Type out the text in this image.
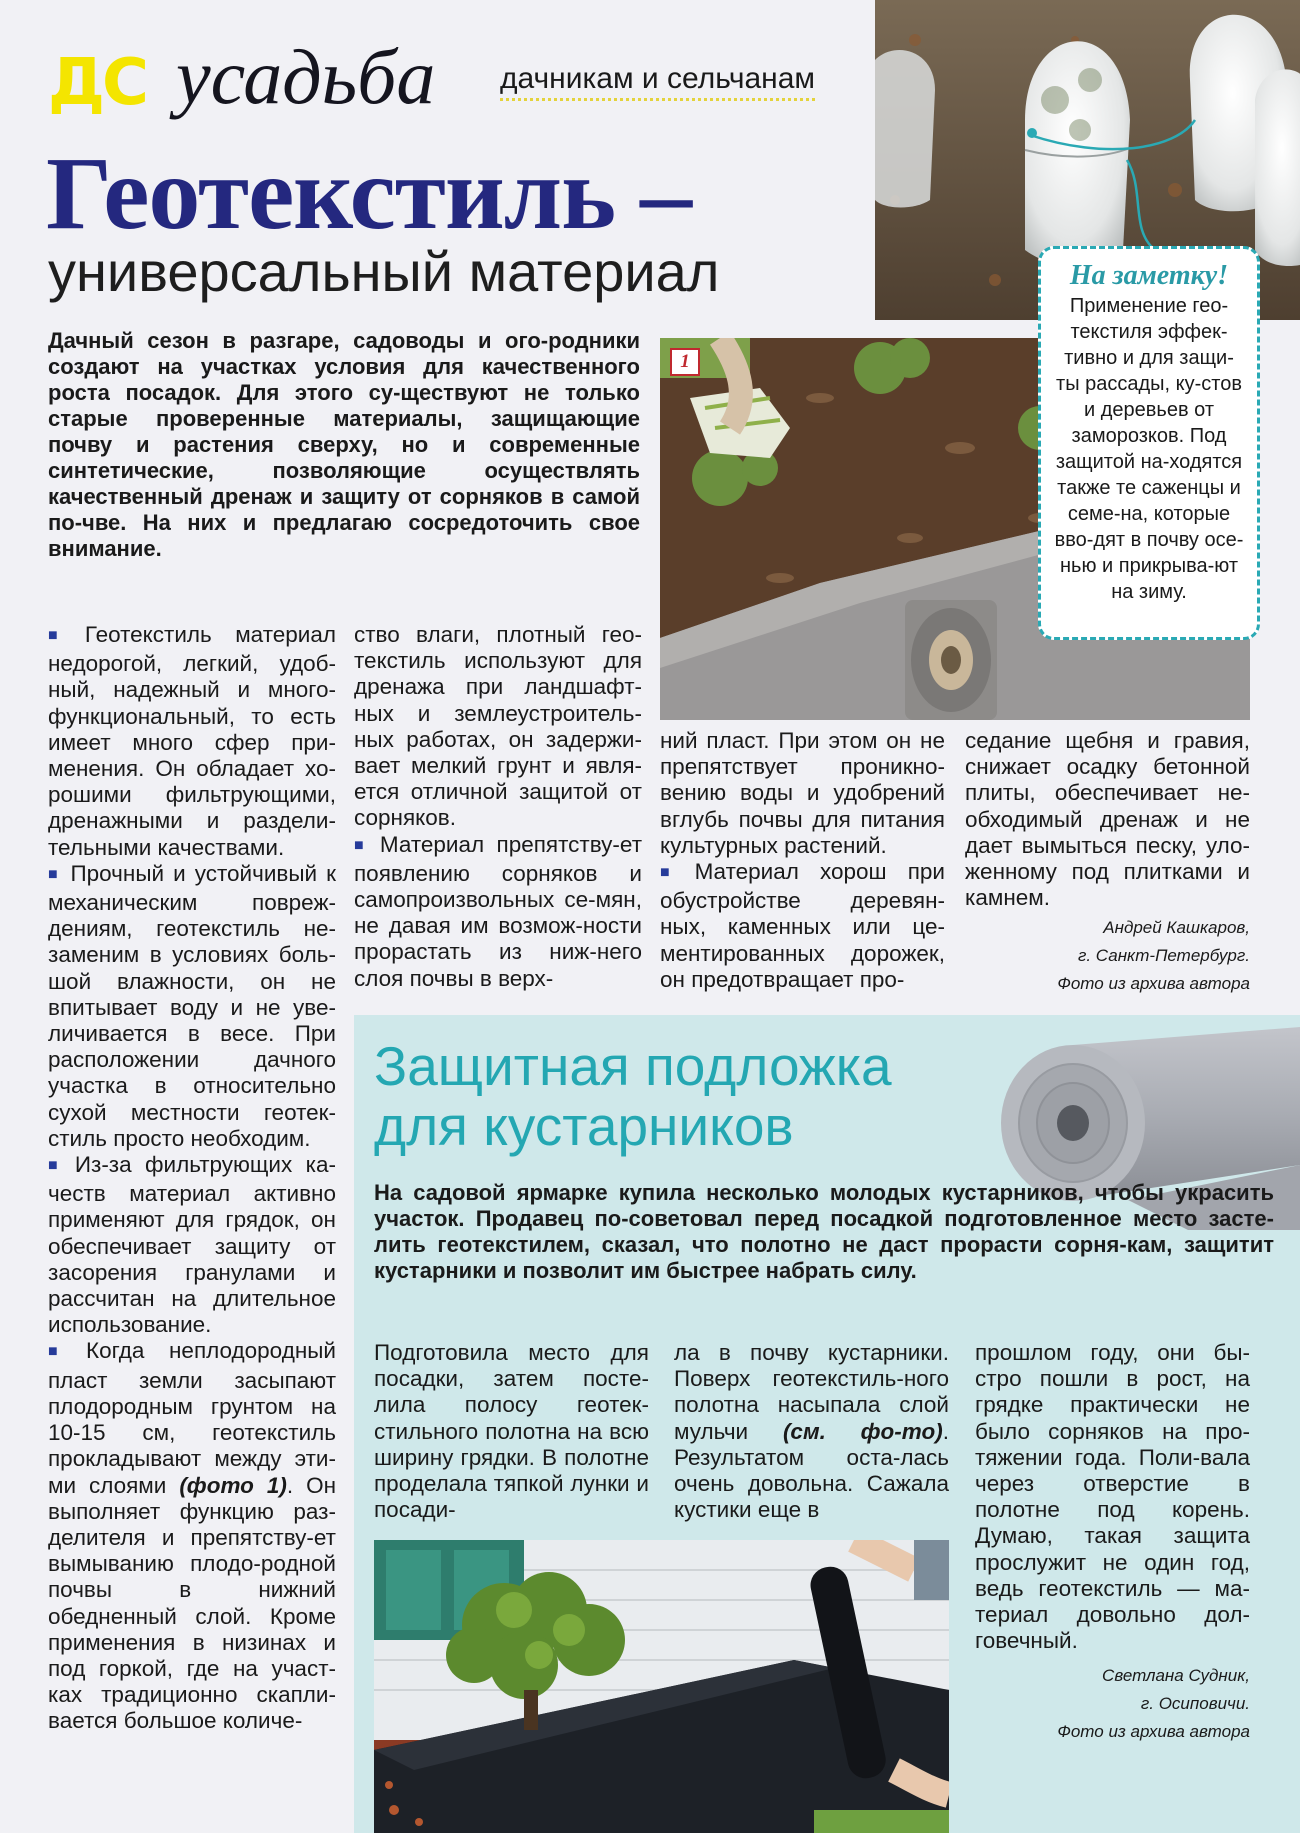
ДС усадьба дачникам и сельчанам
Геотекстиль –
универсальный материал
Дачный сезон в разгаре, садоводы и ого-родники создают на участках условия для качественного роста посадок. Для этого су-ществуют не только старые проверенные материалы, защищающие почву и растения сверху, но и современные синтетические, позволяющие осуществлять качественный дренаж и защиту от сорняков в самой по-чве. На них и предлагаю сосредоточить свое внимание.
1
На заметку!
Применение гео-текстиля эффек-тивно и для защи-ты рассады, ку-стов и деревьев от заморозков. Под защитой на-ходятся также те саженцы и семе-на, которые вво-дят в почву осе-нью и прикрыва-ют на зиму.

■ Геотекстиль материал недорогой, легкий, удоб-ный, надежный и много-функциональный, то есть имеет много сфер при-менения. Он обладает хо-рошими фильтрующими, дренажными и раздели-тельными качествами.

■ Прочный и устойчивый к механическим повреж-дениям, геотекстиль не-заменим в условиях боль-шой влажности, он не впитывает воду и не уве-личивается в весе. При расположении дачного участка в относительно сухой местности геотек-стиль просто необходим.

■ Из-за фильтрующих ка-честв материал активно применяют для грядок, он обеспечивает защиту от засорения гранулами и рассчитан на длительное использование.

■ Когда неплодородный пласт земли засыпают плодородным грунтом на 10-15 см, геотекстиль прокладывают между эти-ми слоями (фото 1). Он выполняет функцию раз-делителя и препятству-ет вымыванию плодо-родной почвы в нижний обедненный слой. Кроме применения в низинах и под горкой, где на участ-ках традиционно скапли-вается большое количе-

ство влаги, плотный гео-текстиль используют для дренажа при ландшафт-ных и землеустроитель-ных работах, он задержи-вает мелкий грунт и явля-ется отличной защитой от сорняков.

■ Материал препятству-ет появлению сорняков и самопроизвольных се-мян, не давая им возмож-ности прорастать из ниж-него слоя почвы в верх-

ний пласт. При этом он не препятствует проникно-вению воды и удобрений вглубь почвы для питания культурных растений.

■ Материал хорош при обустройстве деревян-ных, каменных или це-ментированных дорожек, он предотвращает про-

седание щебня и гравия, снижает осадку бетонной плиты, обеспечивает не-обходимый дренаж и не дает вымыться песку, уло-женному под плитками и камнем.

Андрей Кашкаров,
г. Санкт-Петербург.
Фото из архива автора
Защитная подложка
для кустарников
На садовой ярмарке купила несколько молодых кустарников, чтобы украсить участок. Продавец по-советовал перед посадкой подготовленное место засте-лить геотекстилем, сказал, что полотно не даст прорасти сорня-кам, защитит кустарники и позволит им быстрее набрать силу.

Подготовила место для посадки, затем посте-лила полосу геотек-стильного полотна на всю ширину грядки. В полотне проделала тяпкой лунки и посади-

ла в почву кустарники. Поверх геотекстиль-ного полотна насыпала слой мульчи (см. фо-то). Результатом оста-лась очень довольна. Сажала кустики еще в

прошлом году, они бы-стро пошли в рост, на грядке практически не было сорняков на про-тяжении года. Поли-вала через отверстие в полотне под корень. Думаю, такая защита прослужит не один год, ведь геотекстиль — ма-териал довольно дол-говечный.

Светлана Судник,
г. Осиповичи.
Фото из архива автора
